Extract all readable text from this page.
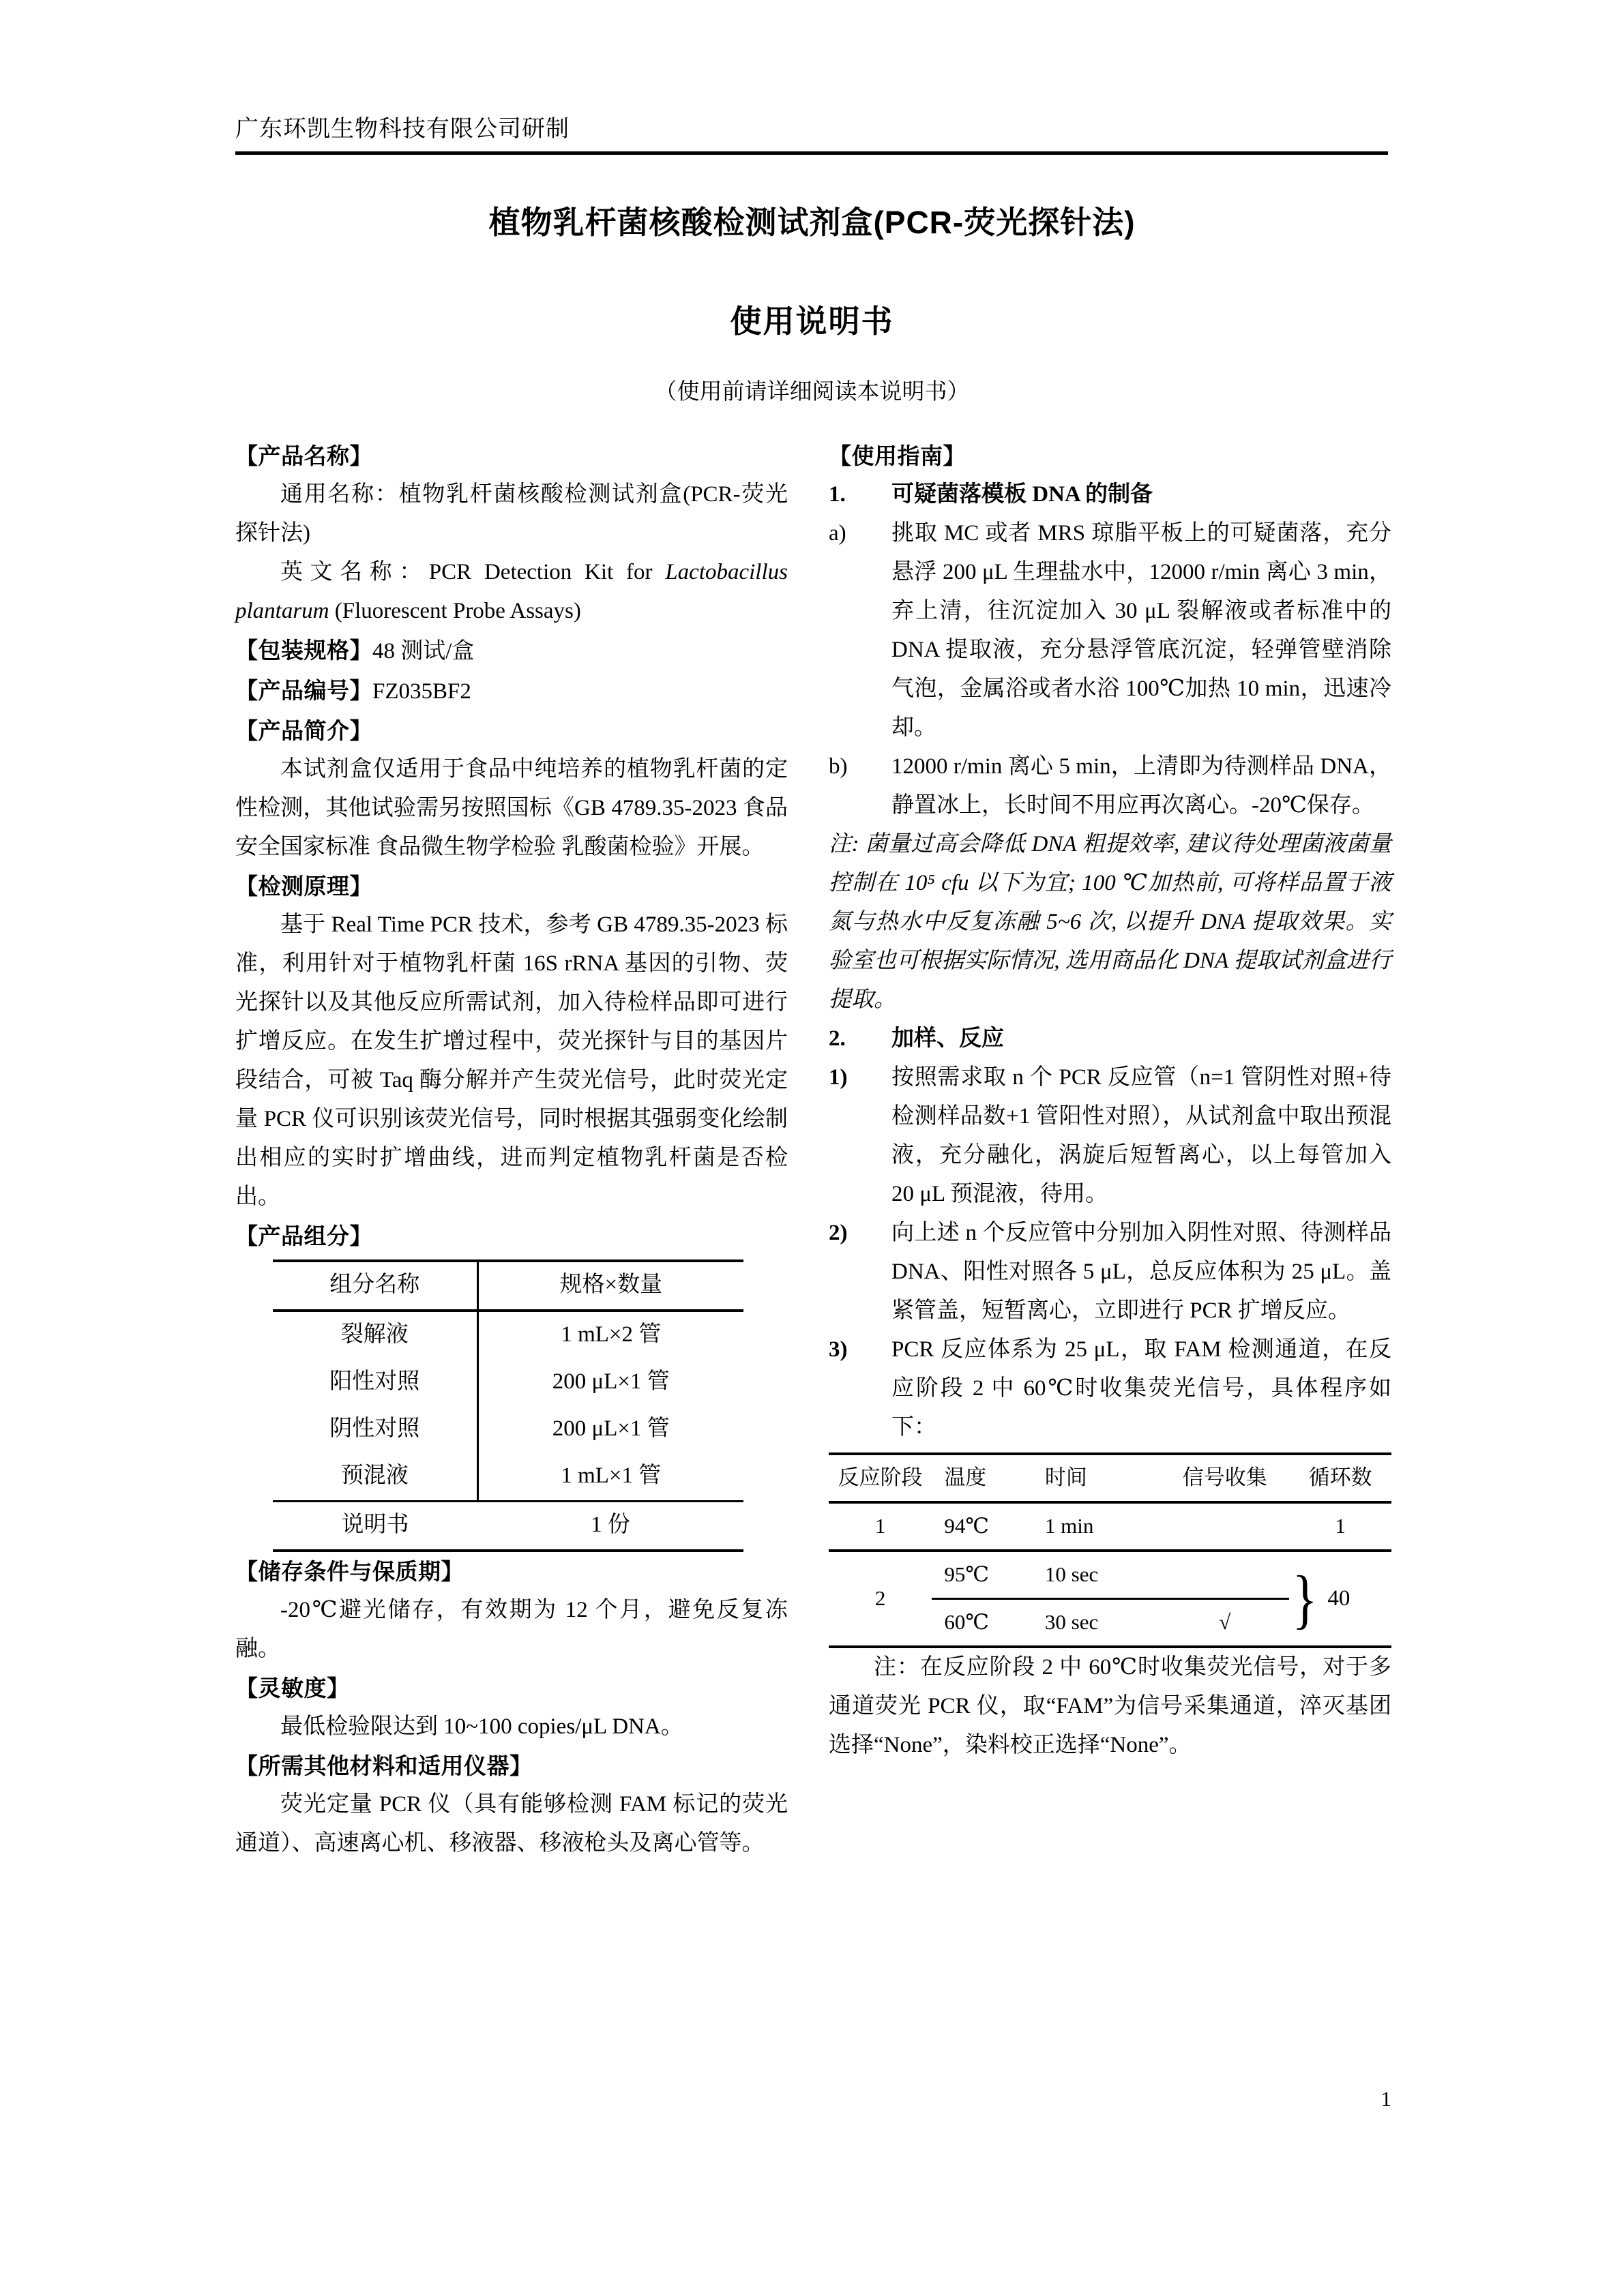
广东环凯生物科技有限公司研制
植物乳杆菌核酸检测试剂盒(PCR-荧光探针法)
使用说明书
（使用前请详细阅读本说明书）
【产品名称】

通用名称：植物乳杆菌核酸检测试剂盒(PCR-荧光探针法)

英文名称：PCR Detection Kit for Lactobacillus plantarum (Fluorescent Probe Assays)

【包装规格】48 测试/盒

【产品编号】FZ035BF2

【产品简介】

本试剂盒仅适用于食品中纯培养的植物乳杆菌的定性检测，其他试验需另按照国标《GB 4789.35-2023 食品安全国家标准 食品微生物学检验 乳酸菌检验》开展。

【检测原理】

基于 Real Time PCR 技术，参考 GB 4789.35-2023 标准，利用针对于植物乳杆菌 16S rRNA 基因的引物、荧光探针以及其他反应所需试剂，加入待检样品即可进行扩增反应。在发生扩增过程中，荧光探针与目的基因片段结合，可被 Taq 酶分解并产生荧光信号，此时荧光定量 PCR 仪可识别该荧光信号，同时根据其强弱变化绘制出相应的实时扩增曲线，进而判定植物乳杆菌是否检出。

【产品组分】
组分名称	规格×数量
裂解液	1 mL×2 管
阳性对照	200 μL×1 管
阴性对照	200 μL×1 管
预混液	1 mL×1 管
说明书	1 份
【储存条件与保质期】

-20℃避光储存，有效期为 12 个月，避免反复冻融。

【灵敏度】

最低检验限达到 10~100 copies/μL DNA。

【所需其他材料和适用仪器】

荧光定量 PCR 仪（具有能够检测 FAM 标记的荧光通道）、高速离心机、移液器、移液枪头及离心管等。

【使用指南】
1.	可疑菌落模板 DNA 的制备
a)	挑取 MC 或者 MRS 琼脂平板上的可疑菌落，充分悬浮 200 μL 生理盐水中，12000 r/min 离心 3 min，弃上清，往沉淀加入 30 μL 裂解液或者标准中的DNA 提取液，充分悬浮管底沉淀，轻弹管壁消除气泡，金属浴或者水浴 100℃加热 10 min，迅速冷却。
b)	12000 r/min 离心 5 min，上清即为待测样品 DNA，静置冰上，长时间不用应再次离心。-20℃保存。

注: 菌量过高会降低 DNA 粗提效率, 建议待处理菌液菌量控制在 10⁵ cfu 以下为宜; 100 ℃加热前, 可将样品置于液氮与热水中反复冻融 5~6 次, 以提升 DNA 提取效果。实验室也可根据实际情况, 选用商品化 DNA 提取试剂盒进行提取。

2.	加样、反应
1)	按照需求取 n 个 PCR 反应管（n=1 管阴性对照+待检测样品数+1 管阳性对照），从试剂盒中取出预混液，充分融化，涡旋后短暂离心，以上每管加入 20 μL 预混液，待用。
2)	向上述 n 个反应管中分别加入阴性对照、待测样品 DNA、阳性对照各 5 μL，总反应体积为 25 μL。盖紧管盖，短暂离心，立即进行 PCR 扩增反应。
3)	PCR 反应体系为 25 μL，取 FAM 检测通道，在反应阶段 2 中 60℃时收集荧光信号，具体程序如下：
反应阶段	温度	时间	信号收集	循环数
1	94℃	1 min		1
2	95℃	10 sec		} 40

	60℃	30 sec	√	

注：在反应阶段 2 中 60℃时收集荧光信号，对于多通道荧光 PCR 仪，取“FAM”为信号采集通道，淬灭基团选择“None”，染料校正选择“None”。

1
